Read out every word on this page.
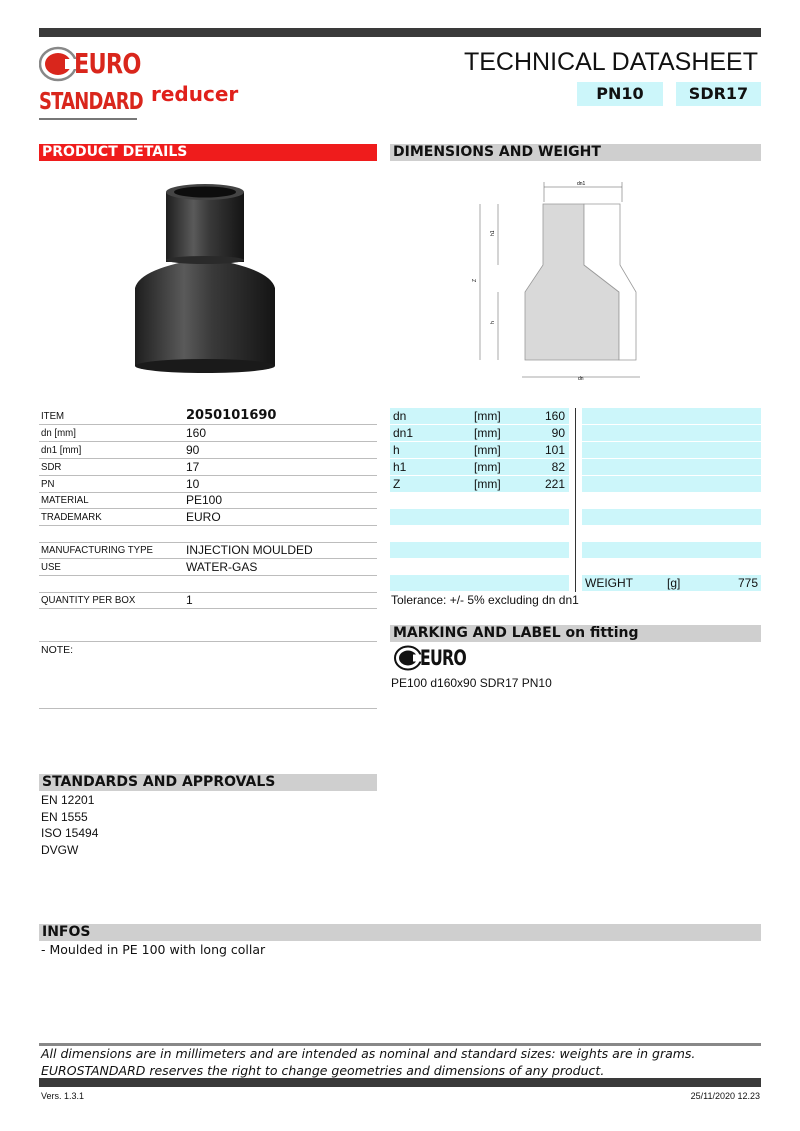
EURO
STANDARD reducer
TECHNICAL DATASHEET
PN10	SDR17
PRODUCT DETAILS	DIMENSIONS AND WEIGHT
dn1
dn
h1
h
Z
ITEM	2050101690
dn [mm]	160
dn1 [mm]	90
SDR	17
PN	10
MATERIAL	PE100
TRADEMARK	EURO
MANUFACTURING TYPE	INJECTION MOULDED
USE	WATER-GAS
QUANTITY PER BOX	1
NOTE:
dn	[mm]	160
dn1	[mm]	90
h	[mm]	101
h1	[mm]	82
Z	[mm]	221
WEIGHT	[g]	775
Tolerance: +/- 5% excluding dn dn1
MARKING AND LABEL on fitting
EURO
PE100 d160x90 SDR17 PN10
STANDARDS AND APPROVALS
EN 12201
EN 1555
ISO 15494
DVGW
INFOS
- Moulded in PE 100 with long collar
All dimensions are in millimeters and are intended as nominal and standard sizes: weights are in grams.
EUROSTANDARD reserves the right to change geometries and dimensions of any product.
Vers. 1.3.1	25/11/2020 12.23
